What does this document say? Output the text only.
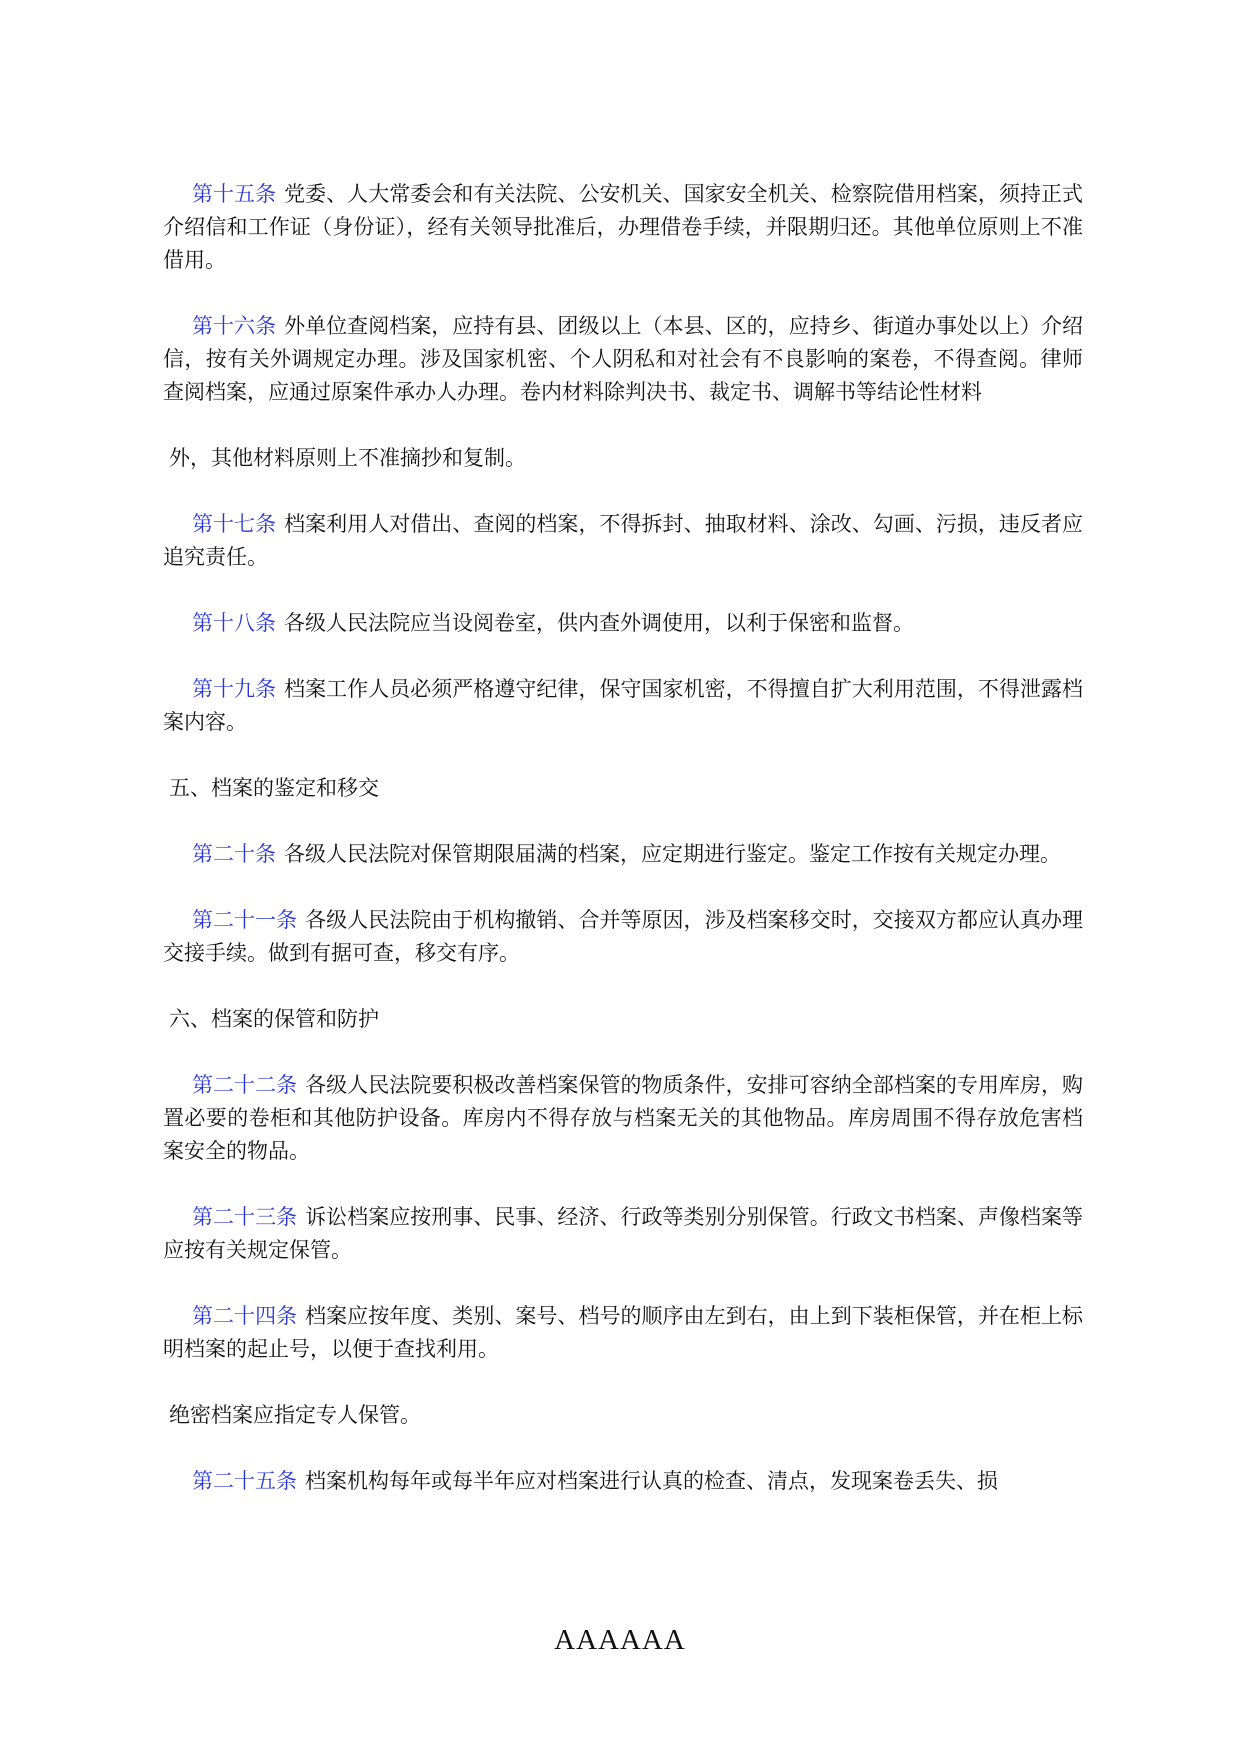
第十五条 党委、人大常委会和有关法院、公安机关、国家安全机关、检察院借用档案，须持正式介绍信和工作证（身份证），经有关领导批准后，办理借卷手续，并限期归还。其他单位原则上不准借用。

第十六条 外单位查阅档案，应持有县、团级以上（本县、区的，应持乡、街道办事处以上）介绍信，按有关外调规定办理。涉及国家机密、个人阴私和对社会有不良影响的案卷，不得查阅。律师查阅档案，应通过原案件承办人办理。卷内材料除判决书、裁定书、调解书等结论性材料

外，其他材料原则上不准摘抄和复制。

第十七条 档案利用人对借出、查阅的档案，不得拆封、抽取材料、涂改、勾画、污损，违反者应追究责任。

第十八条 各级人民法院应当设阅卷室，供内查外调使用，以利于保密和监督。

第十九条 档案工作人员必须严格遵守纪律，保守国家机密，不得擅自扩大利用范围，不得泄露档案内容。

五、档案的鉴定和移交

第二十条 各级人民法院对保管期限届满的档案，应定期进行鉴定。鉴定工作按有关规定办理。

第二十一条 各级人民法院由于机构撤销、合并等原因，涉及档案移交时，交接双方都应认真办理交接手续。做到有据可查，移交有序。

六、档案的保管和防护

第二十二条 各级人民法院要积极改善档案保管的物质条件，安排可容纳全部档案的专用库房，购置必要的卷柜和其他防护设备。库房内不得存放与档案无关的其他物品。库房周围不得存放危害档案安全的物品。

第二十三条 诉讼档案应按刑事、民事、经济、行政等类别分别保管。行政文书档案、声像档案等应按有关规定保管。

第二十四条 档案应按年度、类别、案号、档号的顺序由左到右，由上到下装柜保管，并在柜上标明档案的起止号，以便于查找利用。

绝密档案应指定专人保管。

第二十五条 档案机构每年或每半年应对档案进行认真的检查、清点，发现案卷丢失、损

AAAAAA
